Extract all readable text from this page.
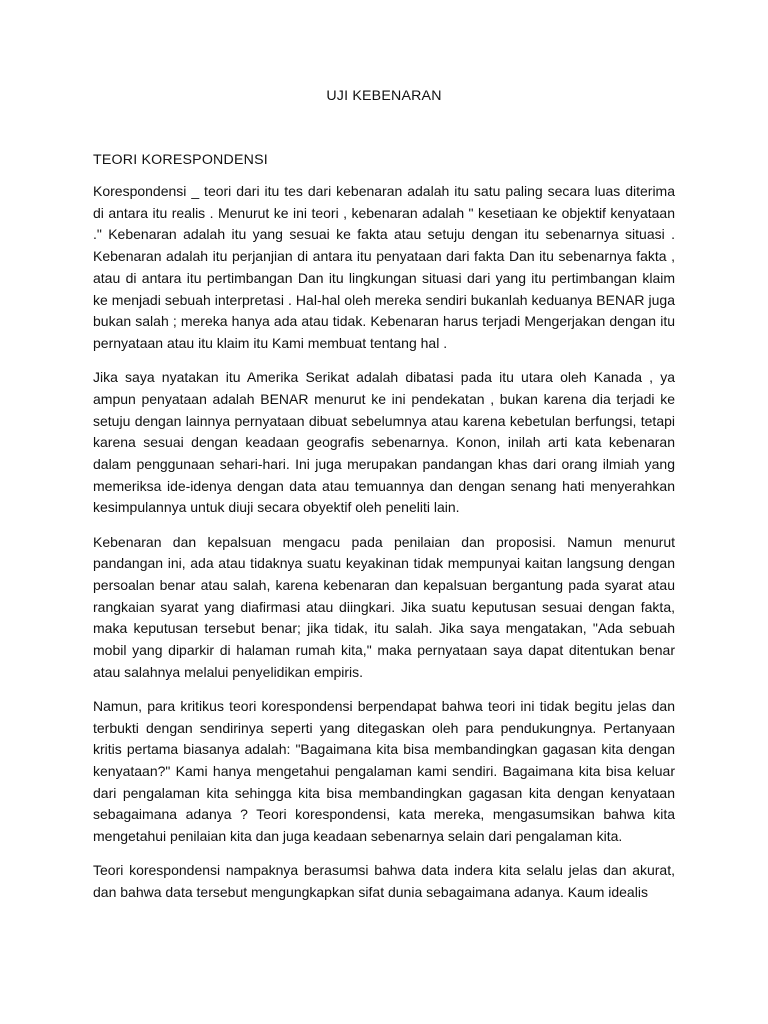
UJI KEBENARAN
TEORI KORESPONDENSI

Korespondensi _ teori dari itu tes dari kebenaran adalah itu satu paling secara luas diterima di antara itu realis . Menurut ke ini teori , kebenaran adalah " kesetiaan ke objektif kenyataan ." Kebenaran adalah itu yang sesuai ke fakta atau setuju dengan itu sebenarnya situasi . Kebenaran adalah itu perjanjian di antara itu penyataan dari fakta Dan itu sebenarnya fakta , atau di antara itu pertimbangan Dan itu lingkungan situasi dari yang itu pertimbangan klaim ke menjadi sebuah interpretasi . Hal-hal oleh mereka sendiri bukanlah keduanya BENAR juga bukan salah ; mereka hanya ada atau tidak. Kebenaran harus terjadi Mengerjakan dengan itu pernyataan atau itu klaim itu Kami membuat tentang hal .

Jika saya nyatakan itu Amerika Serikat adalah dibatasi pada itu utara oleh Kanada , ya ampun penyataan adalah BENAR menurut ke ini pendekatan , bukan karena dia terjadi ke setuju dengan lainnya pernyataan dibuat sebelumnya atau karena kebetulan berfungsi, tetapi karena sesuai dengan keadaan geografis sebenarnya. Konon, inilah arti kata kebenaran dalam penggunaan sehari-hari. Ini juga merupakan pandangan khas dari orang ilmiah yang memeriksa ide-idenya dengan data atau temuannya dan dengan senang hati menyerahkan kesimpulannya untuk diuji secara obyektif oleh peneliti lain.

Kebenaran dan kepalsuan mengacu pada penilaian dan proposisi. Namun menurut pandangan ini, ada atau tidaknya suatu keyakinan tidak mempunyai kaitan langsung dengan persoalan benar atau salah, karena kebenaran dan kepalsuan bergantung pada syarat atau rangkaian syarat yang diafirmasi atau diingkari. Jika suatu keputusan sesuai dengan fakta, maka keputusan tersebut benar; jika tidak, itu salah. Jika saya mengatakan, "Ada sebuah mobil yang diparkir di halaman rumah kita," maka pernyataan saya dapat ditentukan benar atau salahnya melalui penyelidikan empiris.

Namun, para kritikus teori korespondensi berpendapat bahwa teori ini tidak begitu jelas dan terbukti dengan sendirinya seperti yang ditegaskan oleh para pendukungnya. Pertanyaan kritis pertama biasanya adalah: "Bagaimana kita bisa membandingkan gagasan kita dengan kenyataan?" Kami hanya mengetahui pengalaman kami sendiri. Bagaimana kita bisa keluar dari pengalaman kita sehingga kita bisa membandingkan gagasan kita dengan kenyataan sebagaimana adanya ? Teori korespondensi, kata mereka, mengasumsikan bahwa kita mengetahui penilaian kita dan juga keadaan sebenarnya selain dari pengalaman kita.

Teori korespondensi nampaknya berasumsi bahwa data indera kita selalu jelas dan akurat, dan bahwa data tersebut mengungkapkan sifat dunia sebagaimana adanya. Kaum idealis
